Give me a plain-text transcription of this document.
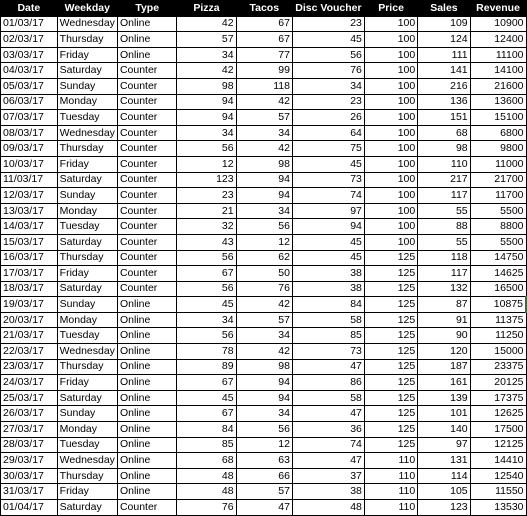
Date	Weekday	Type	Pizza	Tacos	Disc Voucher	Price	Sales	Revenue
01/03/17	Wednesday	Online	42	67	23	100	109	10900
02/03/17	Thursday	Online	57	67	45	100	124	12400
03/03/17	Friday	Online	34	77	56	100	111	11100
04/03/17	Saturday	Counter	42	99	76	100	141	14100
05/03/17	Sunday	Counter	98	118	34	100	216	21600
06/03/17	Monday	Counter	94	42	23	100	136	13600
07/03/17	Tuesday	Counter	94	57	26	100	151	15100
08/03/17	Wednesday	Counter	34	34	64	100	68	6800
09/03/17	Thursday	Counter	56	42	75	100	98	9800
10/03/17	Friday	Counter	12	98	45	100	110	11000
11/03/17	Saturday	Counter	123	94	73	100	217	21700
12/03/17	Sunday	Counter	23	94	74	100	117	11700
13/03/17	Monday	Counter	21	34	97	100	55	5500
14/03/17	Tuesday	Counter	32	56	94	100	88	8800
15/03/17	Saturday	Counter	43	12	45	100	55	5500
16/03/17	Thursday	Counter	56	62	45	125	118	14750
17/03/17	Friday	Counter	67	50	38	125	117	14625
18/03/17	Saturday	Counter	56	76	38	125	132	16500
19/03/17	Sunday	Online	45	42	84	125	87	10875
20/03/17	Monday	Online	34	57	58	125	91	11375
21/03/17	Tuesday	Online	56	34	85	125	90	11250
22/03/17	Wednesday	Online	78	42	73	125	120	15000
23/03/17	Thursday	Online	89	98	47	125	187	23375
24/03/17	Friday	Online	67	94	86	125	161	20125
25/03/17	Saturday	Online	45	94	58	125	139	17375
26/03/17	Sunday	Online	67	34	47	125	101	12625
27/03/17	Monday	Online	84	56	36	125	140	17500
28/03/17	Tuesday	Online	85	12	74	125	97	12125
29/03/17	Wednesday	Online	68	63	47	110	131	14410
30/03/17	Thursday	Online	48	66	37	110	114	12540
31/03/17	Friday	Online	48	57	38	110	105	11550
01/04/17	Saturday	Counter	76	47	48	110	123	13530
